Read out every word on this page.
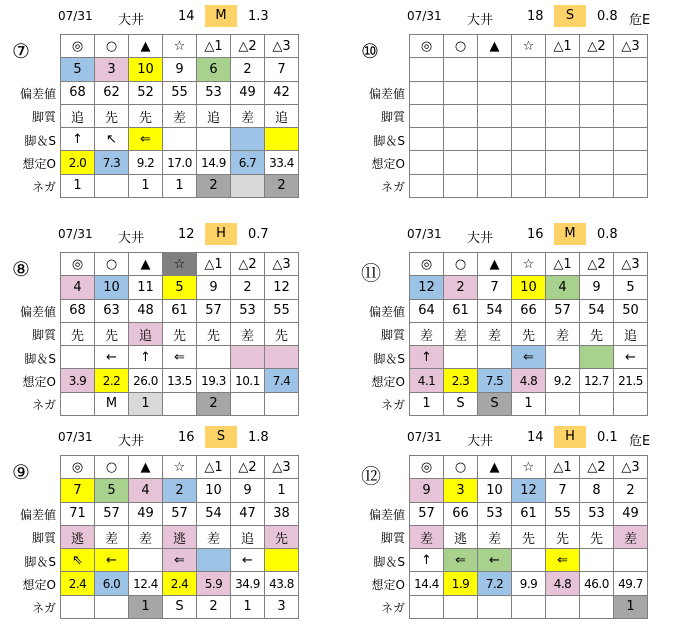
07/31 大井	14	M	1.3
⑦
偏差値
脚質
脚＆S
想定O
ネガ
◎	○	▲	☆	△1	△2	△3
5	3	10	9	6	2	7
68	62	52	55	53	49	42
追	先	先	差	追	差	追
↑	↖	⇐				
2.0	7.3	9.2	17.0	14.9	6.7	33.4
1		1	1	2		2
07/31 大井	18	S	0.8 危E
⑩
偏差値
脚質
脚＆S
想定O
ネガ
◎	○	▲	☆	△1	△2	△3

07/31 大井	12	H	0.7
⑧
偏差値
脚質
脚＆S
想定O
ネガ
◎	○	▲	☆	△1	△2	△3
4	10	11	5	9	2	12
68	63	48	61	57	53	55
先	先	追	先	先	差	先
	←	↑	⇐			
3.9	2.2	26.0	13.5	19.3	10.1	7.4
	M	1		2		
07/31 大井	16	M	0.8
⑪
偏差値
脚質
脚＆S
想定O
ネガ
◎	○	▲	☆	△1	△2	△3
12	2	7	10	4	9	5
64	61	54	66	57	54	50
差	差	差	先	差	先	追
↑			⇐			←
4.1	2.3	7.5	4.8	9.2	12.7	21.5
1	S	S	1			
07/31 大井	16	S	1.8
⑨
偏差値
脚質
脚＆S
想定O
ネガ
◎	○	▲	☆	△1	△2	△3
7	5	4	2	10	9	1
71	57	49	57	54	47	38
逃	差	差	逃	差	追	先
⇖	←		⇐		←	
2.4	6.0	12.4	2.4	5.9	34.9	43.8
		1	S	2	1	3
07/31 大井	14	H	0.1 危E
⑫
偏差値
脚質
脚＆S
想定O
ネガ
◎	○	▲	☆	△1	△2	△3
9	3	10	12	7	8	2
57	66	53	61	55	53	49
差	逃	差	先	先	先	差
↑	⇐	←		⇐		
14.4	1.9	7.2	9.9	4.8	46.0	49.7
						1
